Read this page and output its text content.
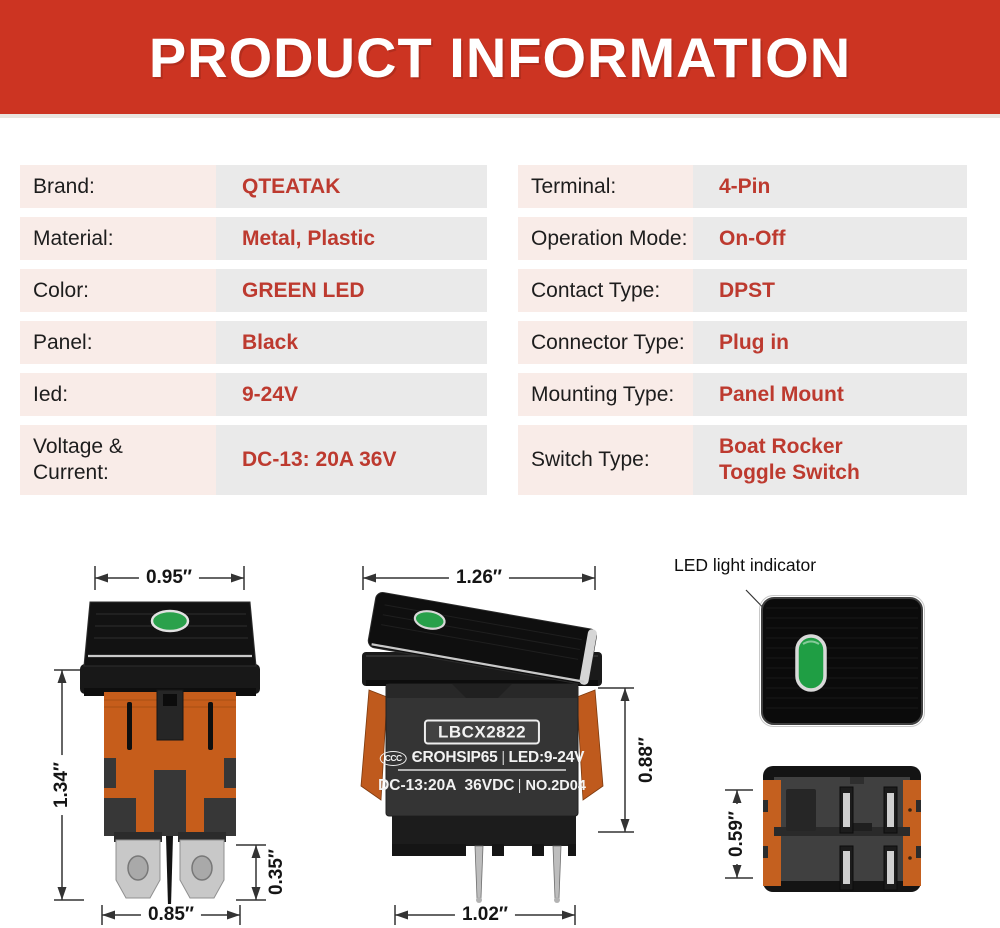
PRODUCT INFORMATION
Brand:	QTEATAK
Material:	Metal, Plastic
Color:	GREEN LED
Panel:	Black
Ied:	9-24V
Voltage & Current:
DC-13: 20A 36V
Terminal:	4-Pin
Operation Mode: On-Off
Contact Type:	DPST
Connector Type: Plug in
Mounting Type: Panel Mount
Switch Type:
Boat Rocker Toggle Switch
0.95″
1.34″
0.35″
0.85″
1.26″
0.88″
1.02″
0.59″
LED light indicator
LBCX2822
CCC ЄROHSIP65 LED:9-24V
DC-13:20A  36VDC NO.2D04
